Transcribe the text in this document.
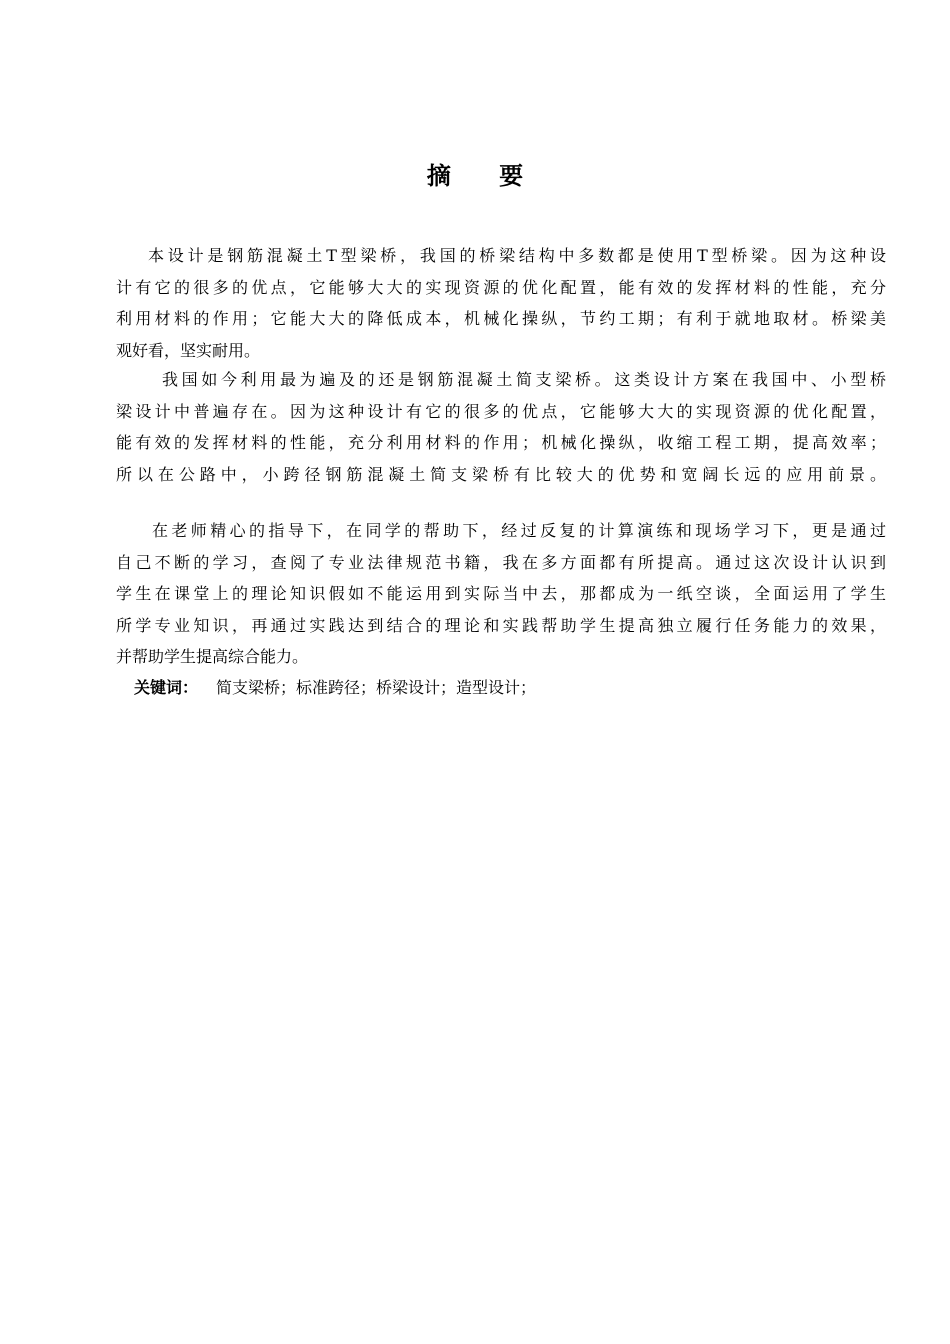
摘 要
本设计是钢筋混凝土T型梁桥，我国的桥梁结构中多数都是使用T型桥梁。因为这种设
计有它的很多的优点，它能够大大的实现资源的优化配置，能有效的发挥材料的性能，充分
利用材料的作用；它能大大的降低成本，机械化操纵，节约工期；有利于就地取材。桥梁美
观好看，坚实耐用。
我国如今利用最为遍及的还是钢筋混凝土简支梁桥。这类设计方案在我国中、小型桥
梁设计中普遍存在。因为这种设计有它的很多的优点，它能够大大的实现资源的优化配置，
能有效的发挥材料的性能，充分利用材料的作用；机械化操纵，收缩工程工期，提高效率；
所以在公路中，小跨径钢筋混凝土简支梁桥有比较大的优势和宽阔长远的应用前景。
在老师精心的指导下，在同学的帮助下，经过反复的计算演练和现场学习下，更是通过
自己不断的学习，查阅了专业法律规范书籍，我在多方面都有所提高。通过这次设计认识到
学生在课堂上的理论知识假如不能运用到实际当中去，那都成为一纸空谈，全面运用了学生
所学专业知识，再通过实践达到结合的理论和实践帮助学生提高独立履行任务能力的效果，
并帮助学生提高综合能力。
关键词： 简支梁桥；标准跨径；桥梁设计；造型设计；
